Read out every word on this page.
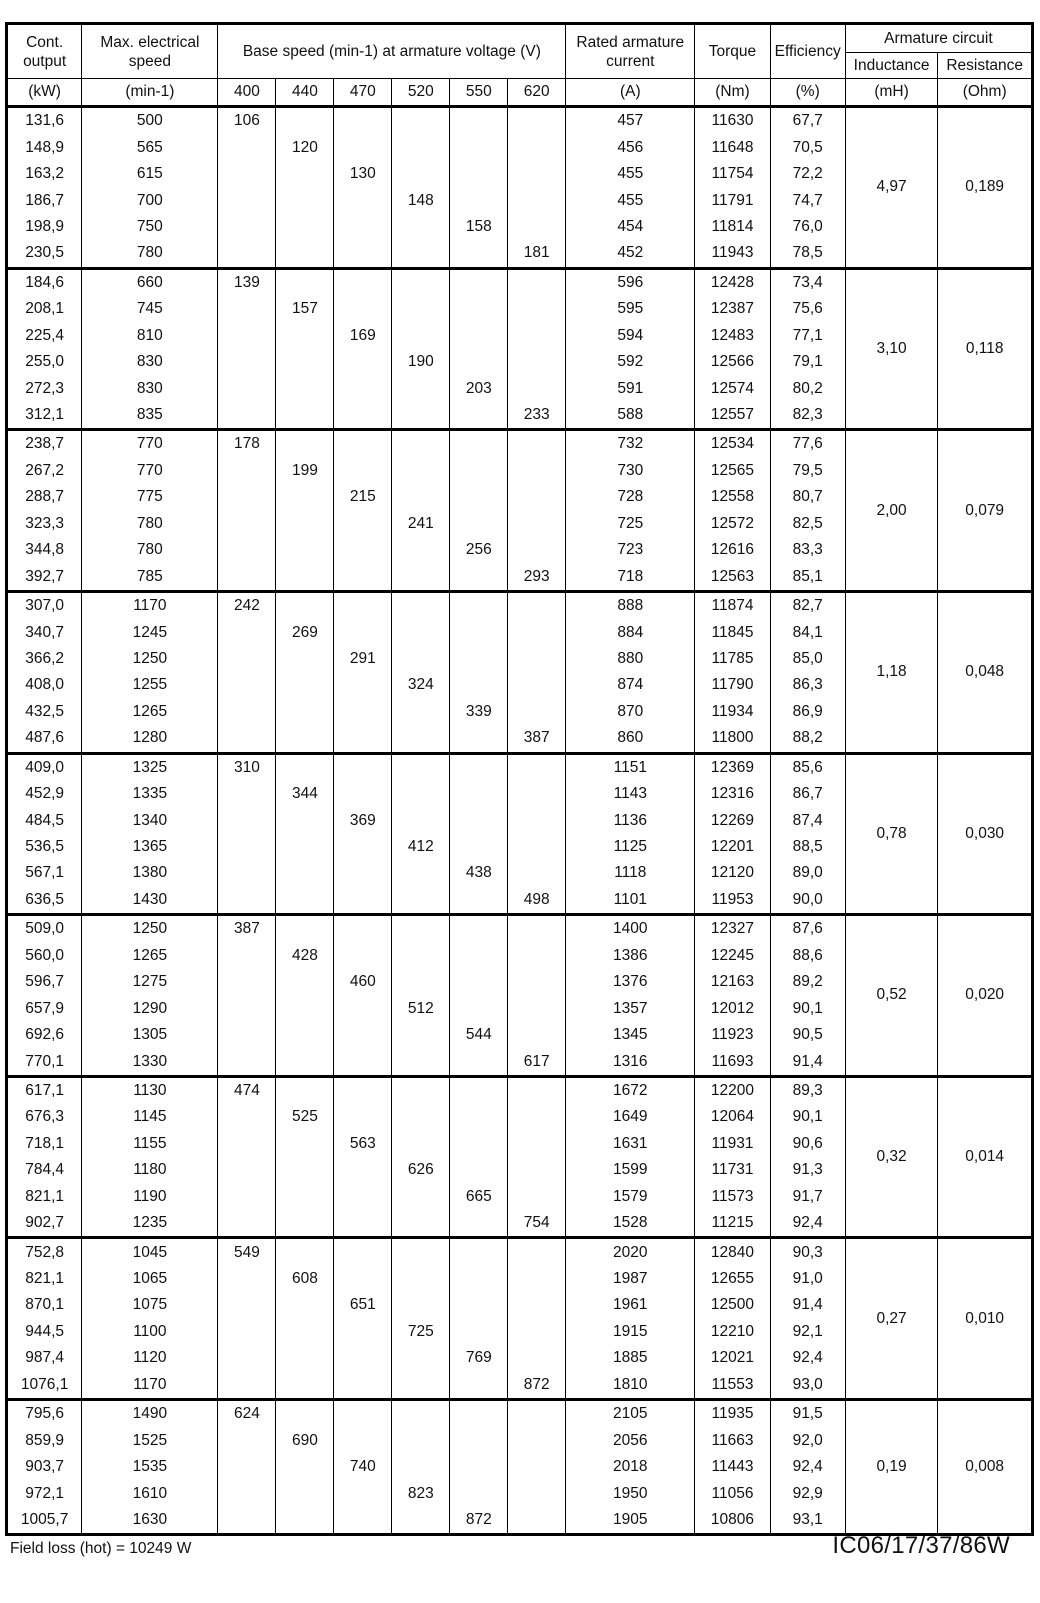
Cont. output	Max. electrical speed	Base speed (min-1) at armature voltage (V)						Rated armature current	Torque	Efficiency	Armature circuit	
											Inductance	Resistance
(kW)	(min-1)	400	440	470	520	550	620	(A)	(Nm)	(%)	(mH)	(Ohm)
131,6	500	106						457	11630	67,7	4,97	0,189
148,9	565		120					456	11648	70,5		
163,2	615			130				455	11754	72,2		
186,7	700				148			455	11791	74,7		
198,9	750					158		454	11814	76,0		
230,5	780						181	452	11943	78,5		
184,6	660	139						596	12428	73,4	3,10	0,118
208,1	745		157					595	12387	75,6		
225,4	810			169				594	12483	77,1		
255,0	830				190			592	12566	79,1		
272,3	830					203		591	12574	80,2		
312,1	835						233	588	12557	82,3		
238,7	770	178						732	12534	77,6	2,00	0,079
267,2	770		199					730	12565	79,5		
288,7	775			215				728	12558	80,7		
323,3	780				241			725	12572	82,5		
344,8	780					256		723	12616	83,3		
392,7	785						293	718	12563	85,1		
307,0	1170	242						888	11874	82,7	1,18	0,048
340,7	1245		269					884	11845	84,1		
366,2	1250			291				880	11785	85,0		
408,0	1255				324			874	11790	86,3		
432,5	1265					339		870	11934	86,9		
487,6	1280						387	860	11800	88,2		
409,0	1325	310						1151	12369	85,6	0,78	0,030
452,9	1335		344					1143	12316	86,7		
484,5	1340			369				1136	12269	87,4		
536,5	1365				412			1125	12201	88,5		
567,1	1380					438		1118	12120	89,0		
636,5	1430						498	1101	11953	90,0		
509,0	1250	387						1400	12327	87,6	0,52	0,020
560,0	1265		428					1386	12245	88,6		
596,7	1275			460				1376	12163	89,2		
657,9	1290				512			1357	12012	90,1		
692,6	1305					544		1345	11923	90,5		
770,1	1330						617	1316	11693	91,4		
617,1	1130	474						1672	12200	89,3	0,32	0,014
676,3	1145		525					1649	12064	90,1		
718,1	1155			563				1631	11931	90,6		
784,4	1180				626			1599	11731	91,3		
821,1	1190					665		1579	11573	91,7		
902,7	1235						754	1528	11215	92,4		
752,8	1045	549						2020	12840	90,3	0,27	0,010
821,1	1065		608					1987	12655	91,0		
870,1	1075			651				1961	12500	91,4		
944,5	1100				725			1915	12210	92,1		
987,4	1120					769		1885	12021	92,4		
1076,1	1170						872	1810	11553	93,0		
795,6	1490	624						2105	11935	91,5	0,19	0,008
859,9	1525		690					2056	11663	92,0		
903,7	1535			740				2018	11443	92,4		
972,1	1610				823			1950	11056	92,9		
1005,7	1630					872		1905	10806	93,1		
Field loss (hot) = 10249 W	IC06/17/37/86W
